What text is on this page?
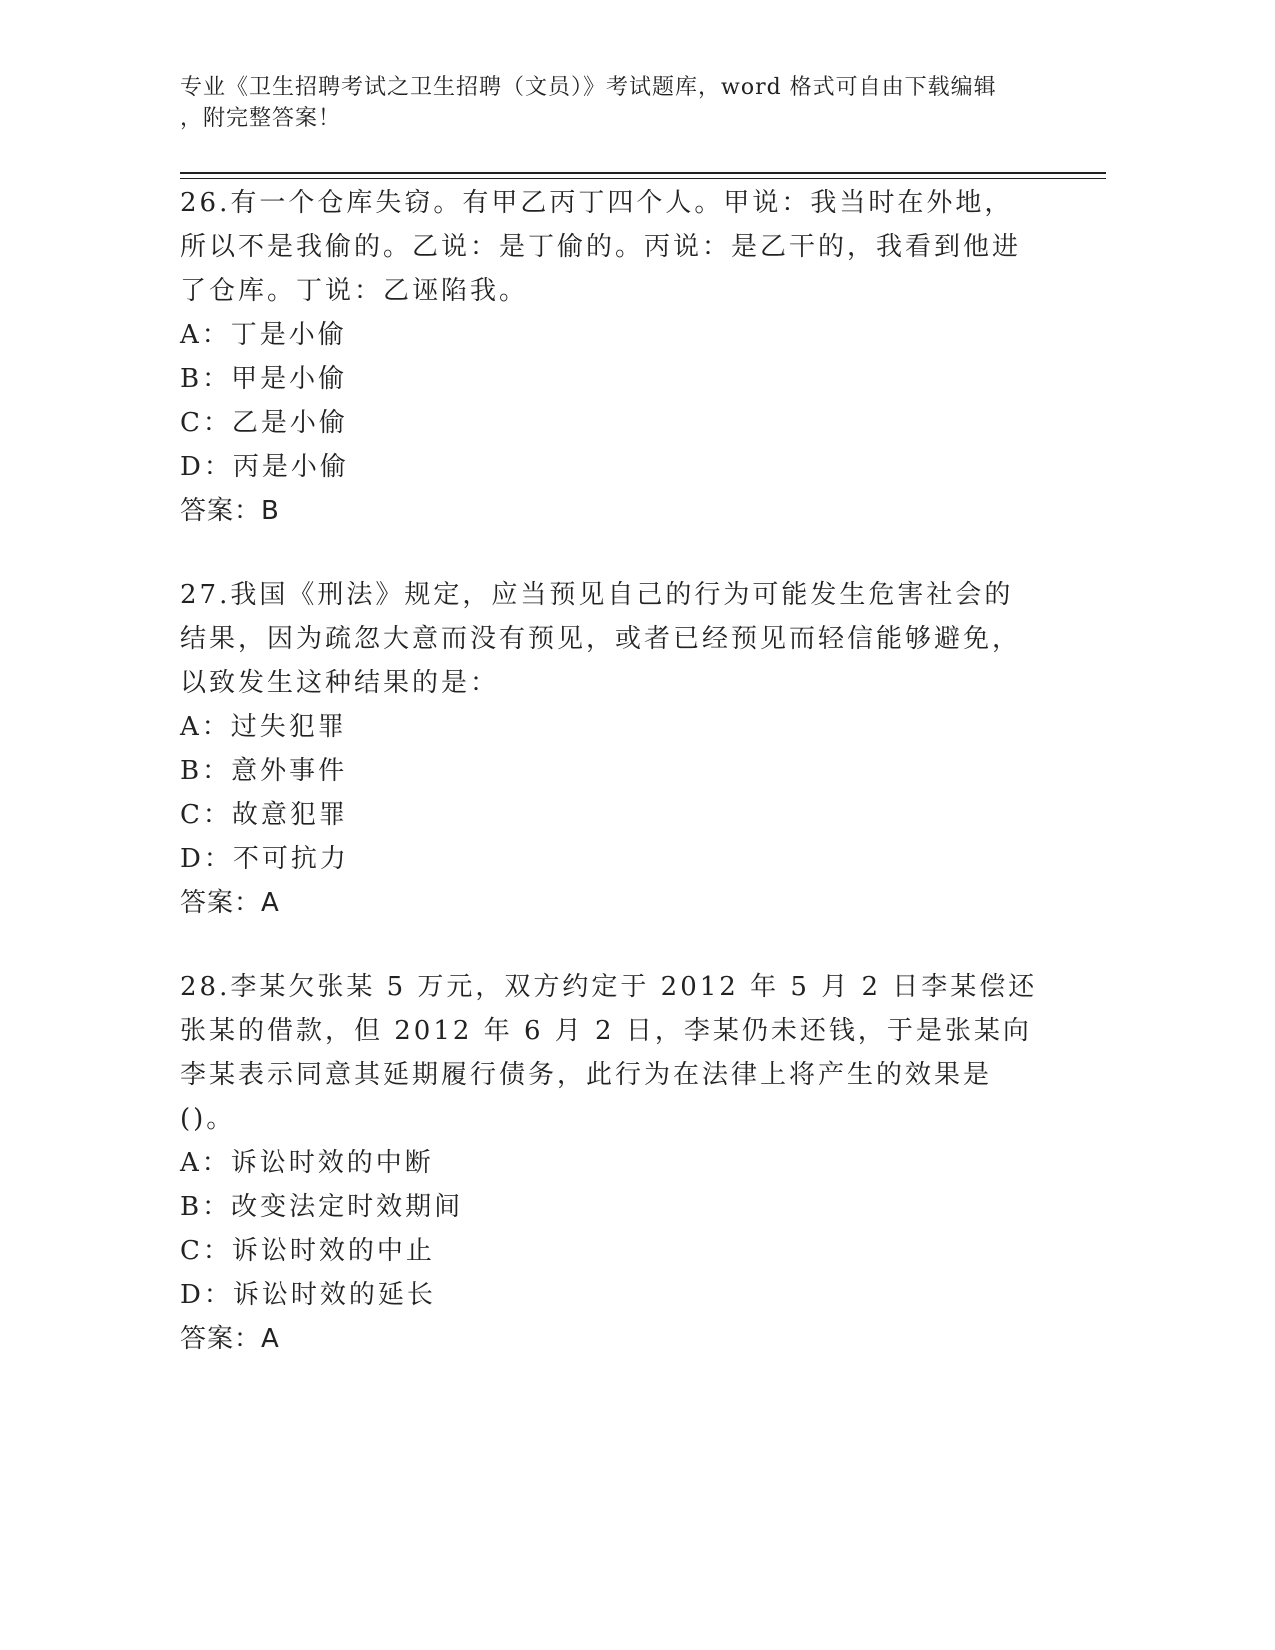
专业《卫生招聘考试之卫生招聘（文员）》考试题库，word 格式可自由下载编辑
，附完整答案！

26.有一个仓库失窃。有甲乙丙丁四个人。甲说：我当时在外地，所以不是我偷的。乙说：是丁偷的。丙说：是乙干的，我看到他进了仓库。丁说：乙诬陷我。

A：丁是小偷

B：甲是小偷

C：乙是小偷

D：丙是小偷

答案：B

27.我国《刑法》规定，应当预见自己的行为可能发生危害社会的结果，因为疏忽大意而没有预见，或者已经预见而轻信能够避免，以致发生这种结果的是：

A：过失犯罪

B：意外事件

C：故意犯罪

D：不可抗力

答案：A

28.李某欠张某 5 万元，双方约定于 2012 年 5 月 2 日李某偿还张某的借款，但 2012 年 6 月 2 日，李某仍未还钱，于是张某向李某表示同意其延期履行债务，此行为在法律上将产生的效果是()。

A：诉讼时效的中断

B：改变法定时效期间

C：诉讼时效的中止

D：诉讼时效的延长

答案：A
